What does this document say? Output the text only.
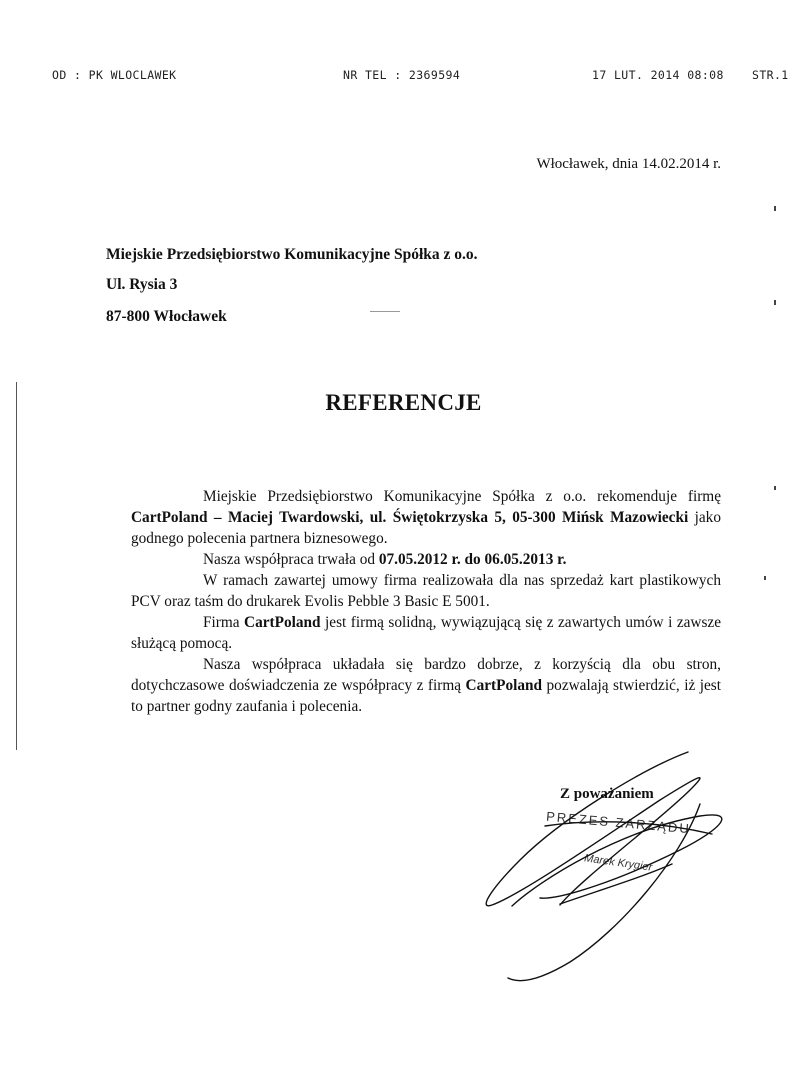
OD : PK WLOCLAWEK	NR TEL : 2369594	17 LUT. 2014 08:08 STR.1
Włocławek, dnia 14.02.2014 r.
Miejskie Przedsiębiorstwo Komunikacyjne Spółka z o.o.
Ul. Rysia 3
87-800 Włocławek
REFERENCJE

Miejskie Przedsiębiorstwo Komunikacyjne Spółka z o.o. rekomenduje firmę CartPoland – Maciej Twardowski, ul. Świętokrzyska 5, 05-300 Mińsk Mazowiecki jako godnego polecenia partnera biznesowego.

Nasza współpraca trwała od 07.05.2012 r. do 06.05.2013 r.

W ramach zawartej umowy firma realizowała dla nas sprzedaż kart plastikowych PCV oraz taśm do drukarek Evolis Pebble 3 Basic E 5001.

Firma CartPoland jest firmą solidną, wywiązującą się z zawartych umów i zawsze służącą pomocą.

Nasza współpraca układała się bardzo dobrze, z korzyścią dla obu stron, dotychczasowe doświadczenia ze współpracy z firmą CartPoland pozwalają stwierdzić, iż jest to partner godny zaufania i polecenia.

Z poważaniem
PREZES ZARZĄDU
Marek Krygier
